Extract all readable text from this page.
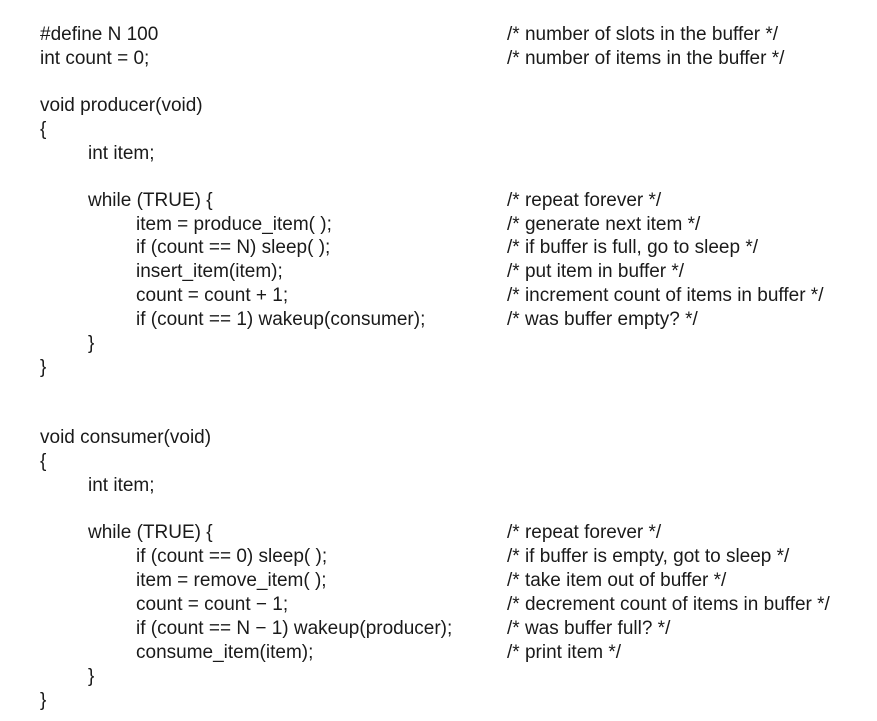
#define N 100	/* number of slots in the buffer */
int count = 0;	/* number of items in the buffer */
void producer(void)
{
int item;
while (TRUE) {	/* repeat forever */
item = produce_item( );	/* generate next item */
if (count == N) sleep( );	/* if buffer is full, go to sleep */
insert_item(item);	/* put item in buffer */
count = count + 1;	/* increment count of items in buffer */
if (count == 1) wakeup(consumer);	/* was buffer empty? */
}
}
void consumer(void)
{
int item;
while (TRUE) {	/* repeat forever */
if (count == 0) sleep( );	/* if buffer is empty, got to sleep */
item = remove_item( );	/* take item out of buffer */
count = count − 1;	/* decrement count of items in buffer */
if (count == N − 1) wakeup(producer);	/* was buffer full? */
consume_item(item);	/* print item */
}
}
